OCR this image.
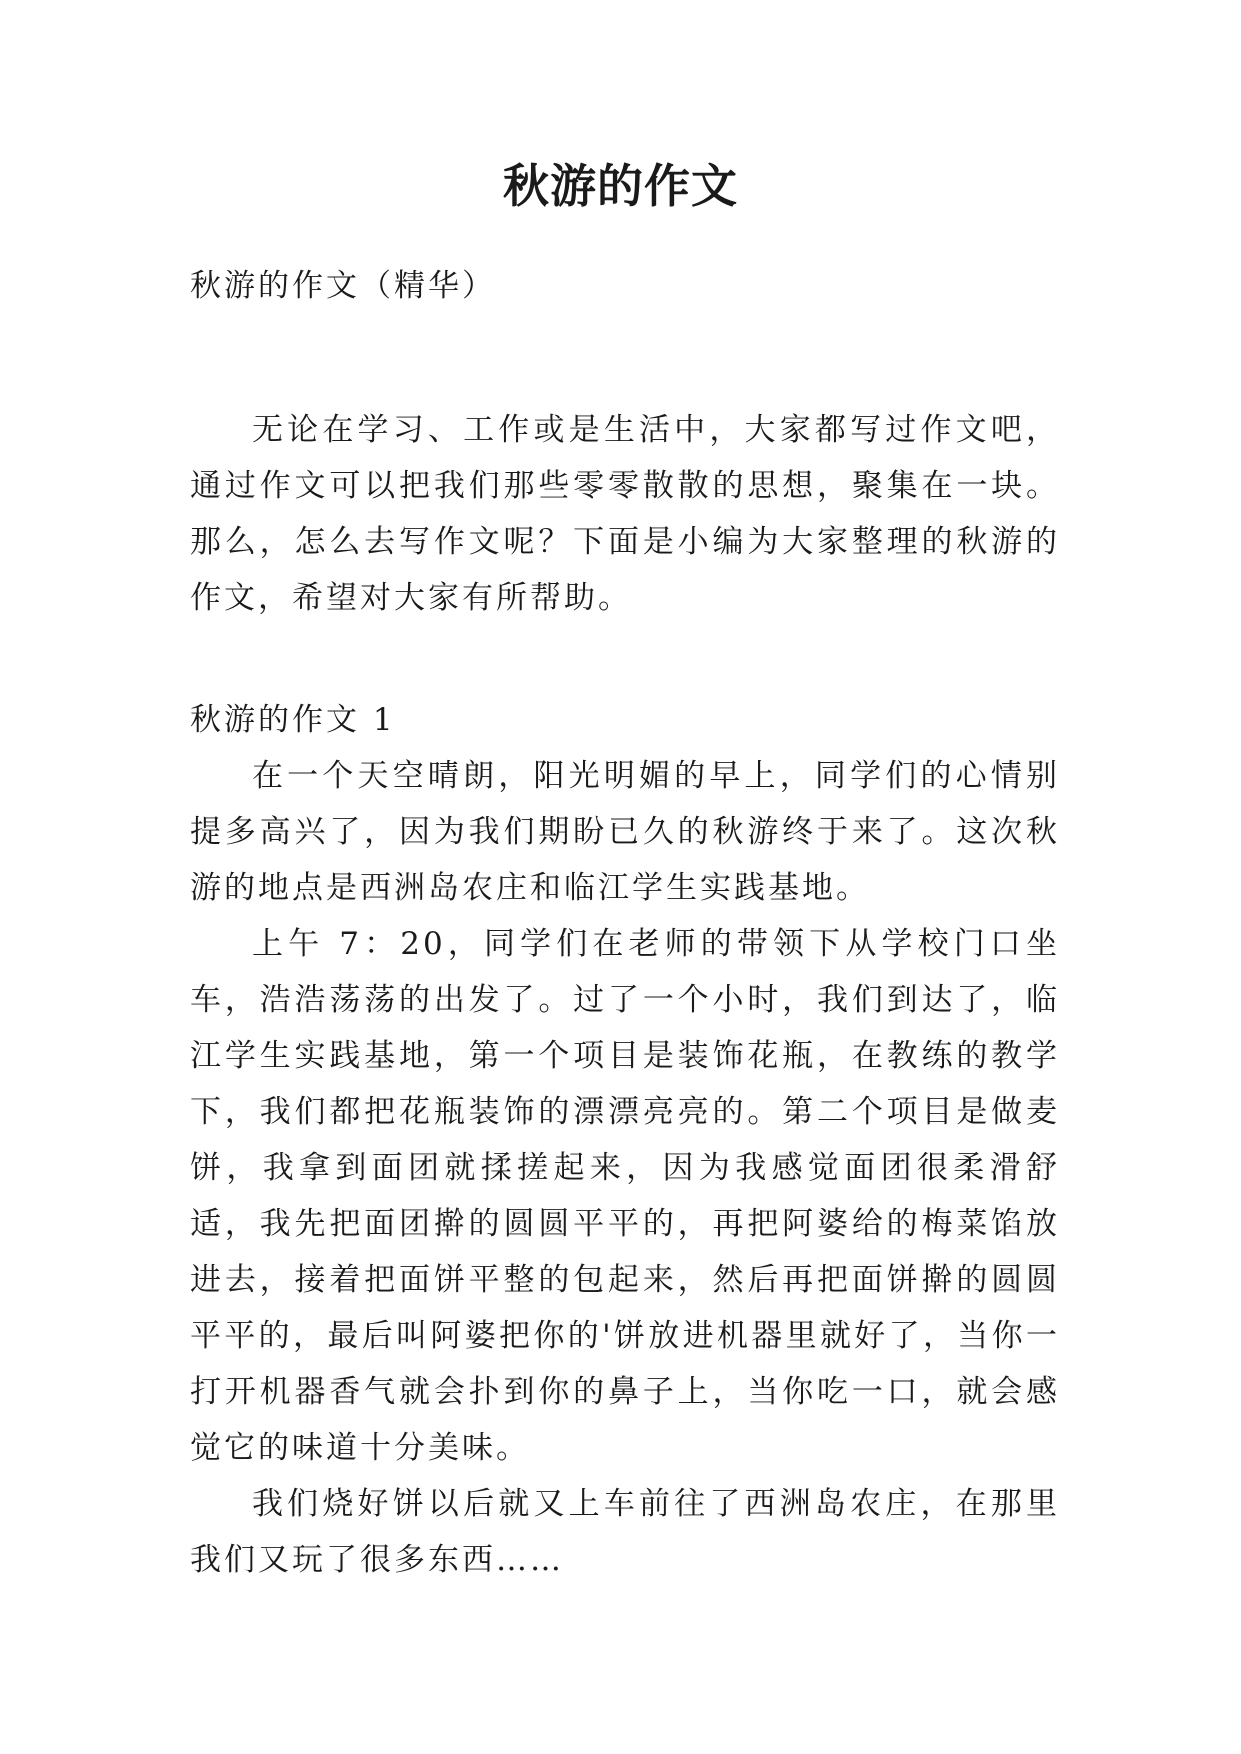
秋游的作文

秋游的作文（精华）

无论在学习、工作或是生活中，大家都写过作文吧，通过作文可以把我们那些零零散散的思想，聚集在一块。那么，怎么去写作文呢？下面是小编为大家整理的秋游的作文，希望对大家有所帮助。

秋游的作文 1

在一个天空晴朗，阳光明媚的早上，同学们的心情别提多高兴了，因为我们期盼已久的秋游终于来了。这次秋游的地点是西洲岛农庄和临江学生实践基地。

上午 7：20，同学们在老师的带领下从学校门口坐车，浩浩荡荡的出发了。过了一个小时，我们到达了，临江学生实践基地，第一个项目是装饰花瓶，在教练的教学下，我们都把花瓶装饰的漂漂亮亮的。第二个项目是做麦饼，我拿到面团就揉搓起来，因为我感觉面团很柔滑舒适，我先把面团擀的圆圆平平的，再把阿婆给的梅菜馅放进去，接着把面饼平整的包起来，然后再把面饼擀的圆圆平平的，最后叫阿婆把你的'饼放进机器里就好了，当你一打开机器香气就会扑到你的鼻子上，当你吃一口，就会感觉它的味道十分美味。

我们烧好饼以后就又上车前往了西洲岛农庄，在那里我们又玩了很多东西……
